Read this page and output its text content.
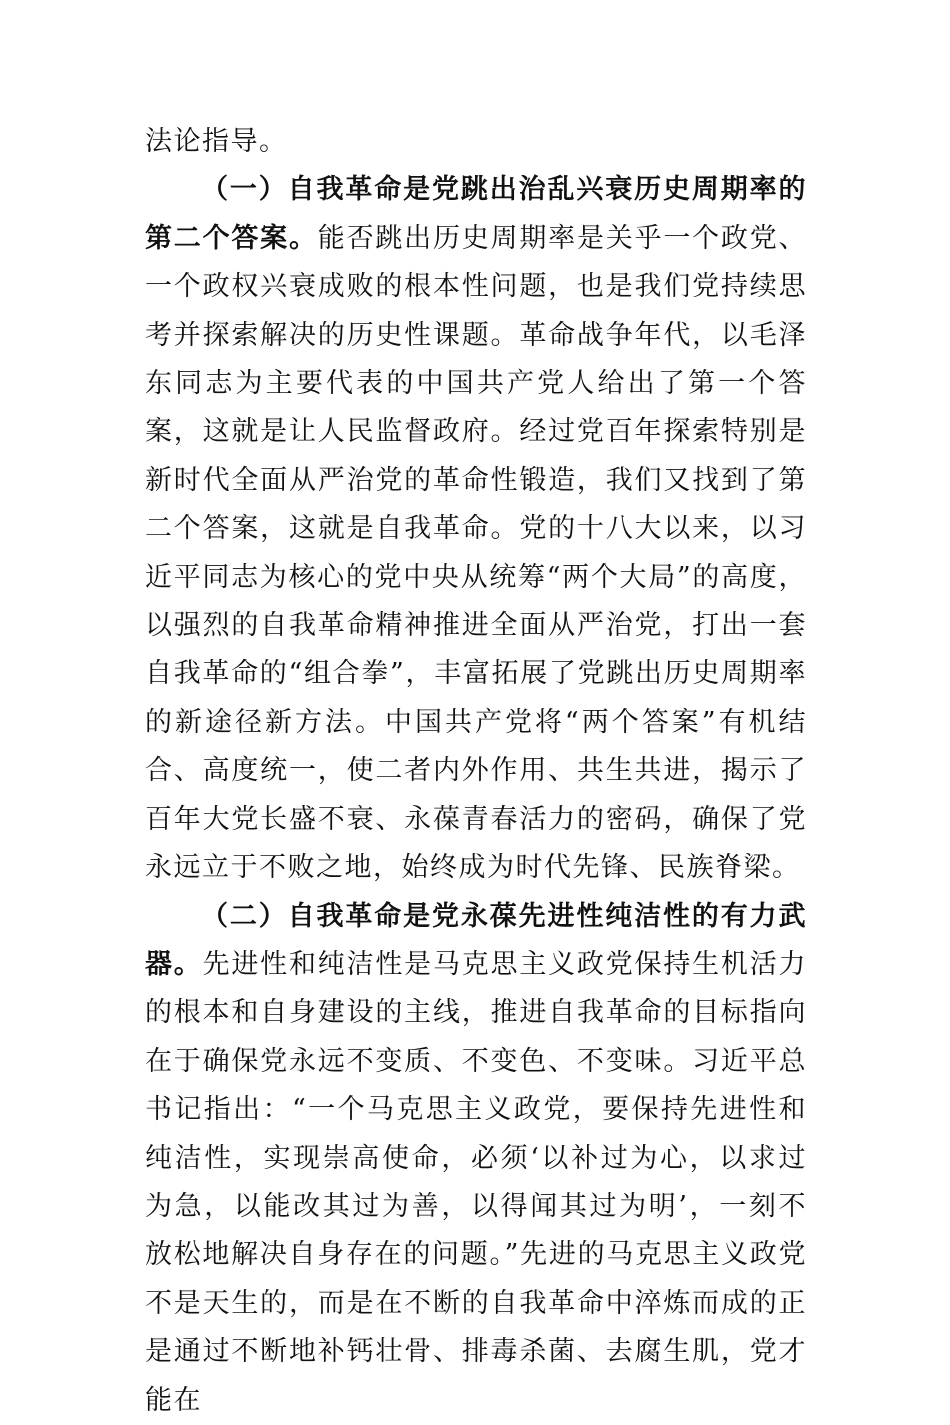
法论指导。

（一）自我革命是党跳出治乱兴衰历史周期率的第二个答案。能否跳出历史周期率是关乎一个政党、一个政权兴衰成败的根本性问题，也是我们党持续思考并探索解决的历史性课题。革命战争年代，以毛泽东同志为主要代表的中国共产党人给出了第一个答案，这就是让人民监督政府。经过党百年探索特别是新时代全面从严治党的革命性锻造，我们又找到了第二个答案，这就是自我革命。党的十八大以来，以习近平同志为核心的党中央从统筹“两个大局”的高度，以强烈的自我革命精神推进全面从严治党，打出一套自我革命的“组合拳”，丰富拓展了党跳出历史周期率的新途径新方法。中国共产党将“两个答案”有机结合、高度统一，使二者内外作用、共生共进，揭示了百年大党长盛不衰、永葆青春活力的密码，确保了党永远立于不败之地，始终成为时代先锋、民族脊梁。

（二）自我革命是党永葆先进性纯洁性的有力武器。先进性和纯洁性是马克思主义政党保持生机活力的根本和自身建设的主线，推进自我革命的目标指向在于确保党永远不变质、不变色、不变味。习近平总书记指出：“一个马克思主义政党，要保持先进性和纯洁性，实现崇高使命，必须‘以补过为心，以求过为急，以能改其过为善，以得闻其过为明’，一刻不放松地解决自身存在的问题。”先进的马克思主义政党不是天生的，而是在不断的自我革命中淬炼而成的正是通过不断地补钙壮骨、排毒杀菌、去腐生肌，党才能在
